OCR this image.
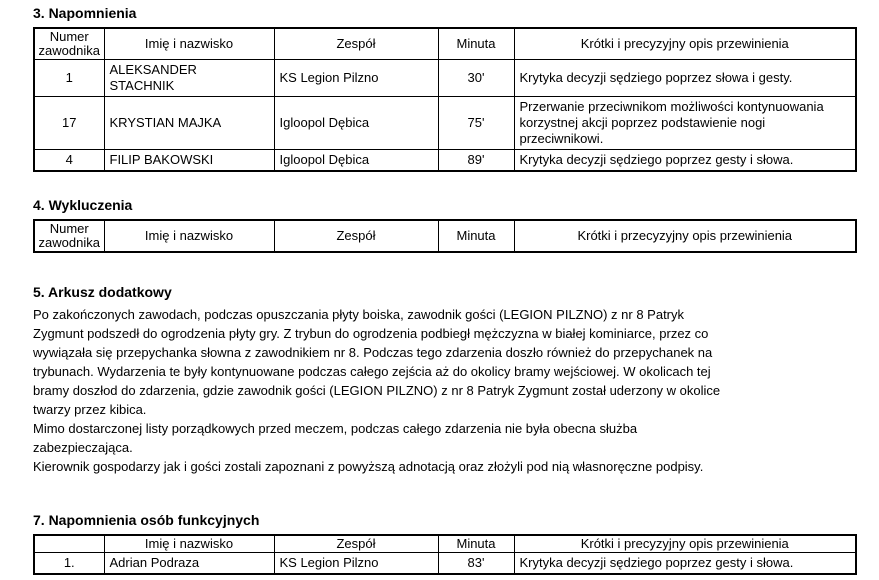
3. Napomnienia
Numer
zawodnika	Imię i nazwisko	Zespół	Minuta	Krótki i precyzyjny opis przewinienia
1	ALEKSANDER
STACHNIK	KS Legion Pilzno	30'	Krytyka decyzji sędziego poprzez słowa i gesty.
17	KRYSTIAN MAJKA	Igloopol Dębica	75'	Przerwanie przeciwnikom możliwości kontynuowania
korzystnej akcji poprzez podstawienie nogi
przeciwnikowi.
4	FILIP BAKOWSKI	Igloopol Dębica	89'	Krytyka decyzji sędziego poprzez gesty i słowa.
4. Wykluczenia
Numer
zawodnika	Imię i nazwisko	Zespół	Minuta	Krótki i przecyzyjny opis przewinienia
5. Arkusz dodatkowy
Po zakończonych zawodach, podczas opuszczania płyty boiska, zawodnik gości (LEGION PILZNO) z nr 8 Patryk
Zygmunt podszedł do ogrodzenia płyty gry. Z trybun do ogrodzenia podbiegł mężczyzna w białej kominiarce, przez co
wywiązała się przepychanka słowna z zawodnikiem nr 8. Podczas tego zdarzenia doszło również do przepychanek na
trybunach. Wydarzenia te były kontynuowane podczas całego zejścia aż do okolicy bramy wejściowej. W okolicach tej
bramy doszłod do zdarzenia, gdzie zawodnik gości (LEGION PILZNO) z nr 8 Patryk Zygmunt został uderzony w okolice
twarzy przez kibica.
Mimo dostarczonej listy porządkowych przed meczem, podczas całego zdarzenia nie była obecna służba
zabezpieczająca.
Kierownik gospodarzy jak i gości zostali zapoznani z powyższą adnotacją oraz złożyli pod nią własnoręczne podpisy.
7. Napomnienia osób funkcyjnych
	Imię i nazwisko	Zespół	Minuta	Krótki i precyzyjny opis przewinienia
1.	Adrian Podraza	KS Legion Pilzno	83'	Krytyka decyzji sędziego poprzez gesty i słowa.
